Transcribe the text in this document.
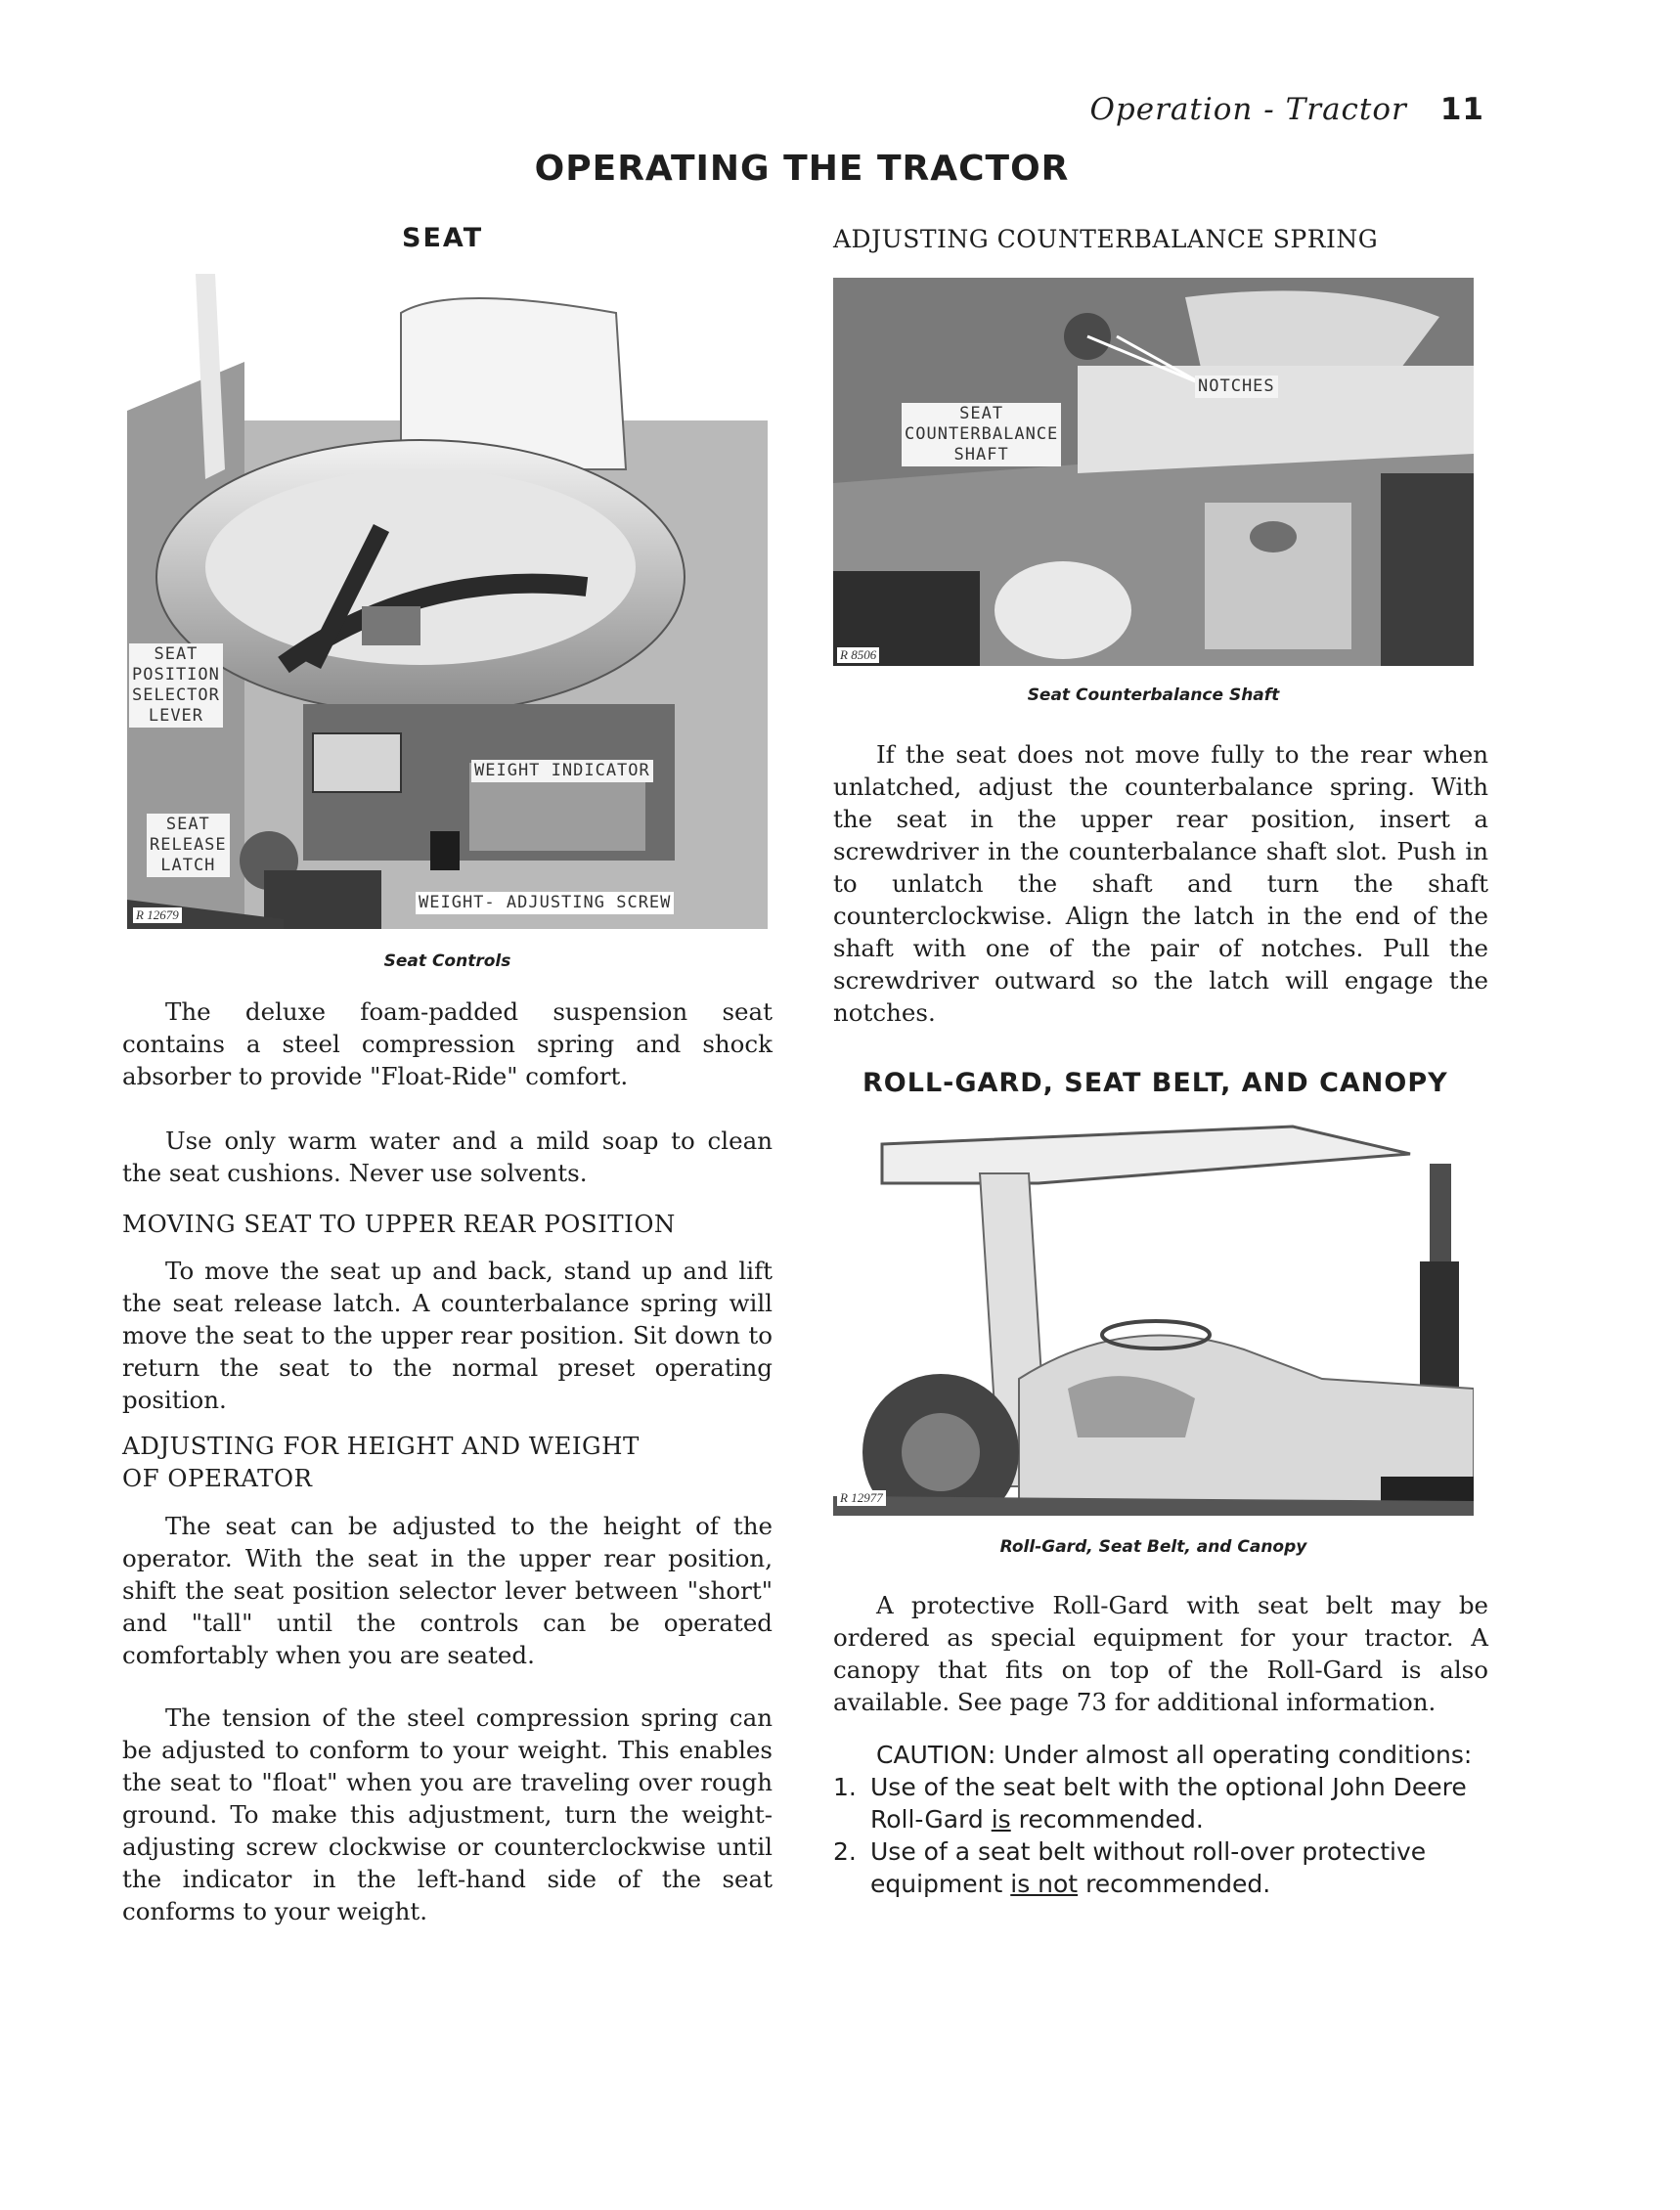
Operation - Tractor 11
OPERATING THE TRACTOR
SEAT
SEAT
POSITION
SELECTOR
LEVER
WEIGHT INDICATOR
SEAT
RELEASE
LATCH
WEIGHT- ADJUSTING SCREW
R 12679
Seat Controls

The deluxe foam-padded suspension seat contains a steel compression spring and shock absorber to provide "Float-Ride" comfort.

Use only warm water and a mild soap to clean the seat cushions. Never use solvents.

MOVING SEAT TO UPPER REAR POSITION

To move the seat up and back, stand up and lift the seat release latch. A counterbalance spring will move the seat to the upper rear position. Sit down to return the seat to the normal preset operating position.

ADJUSTING FOR HEIGHT AND WEIGHT
OF OPERATOR

The seat can be adjusted to the height of the operator. With the seat in the upper rear position, shift the seat position selector lever between "short" and "tall" until the controls can be operated comfortably when you are seated.

The tension of the steel compression spring can be adjusted to conform to your weight. This enables the seat to "float" when you are traveling over rough ground. To make this adjustment, turn the weight-adjusting screw clockwise or counterclockwise until the indicator in the left-hand side of the seat conforms to your weight.

ADJUSTING COUNTERBALANCE SPRING
NOTCHES
SEAT
COUNTERBALANCE
SHAFT
R 8506
Seat Counterbalance Shaft

If the seat does not move fully to the rear when unlatched, adjust the counterbalance spring. With the seat in the upper rear position, insert a screwdriver in the counterbalance shaft slot. Push in to unlatch the shaft and turn the shaft counterclockwise. Align the latch in the end of the shaft with one of the pair of notches. Pull the screwdriver outward so the latch will engage the notches.

ROLL-GARD, SEAT BELT, AND CANOPY
R 12977
Roll-Gard, Seat Belt, and Canopy

A protective Roll-Gard with seat belt may be ordered as special equipment for your tractor. A canopy that fits on top of the Roll-Gard is also available. See page 73 for additional information.

CAUTION: Under almost all operating conditions:
1. Use of the seat belt with the optional John Deere Roll-Gard is recommended.
2. Use of a seat belt without roll-over protective equipment is not recommended.
